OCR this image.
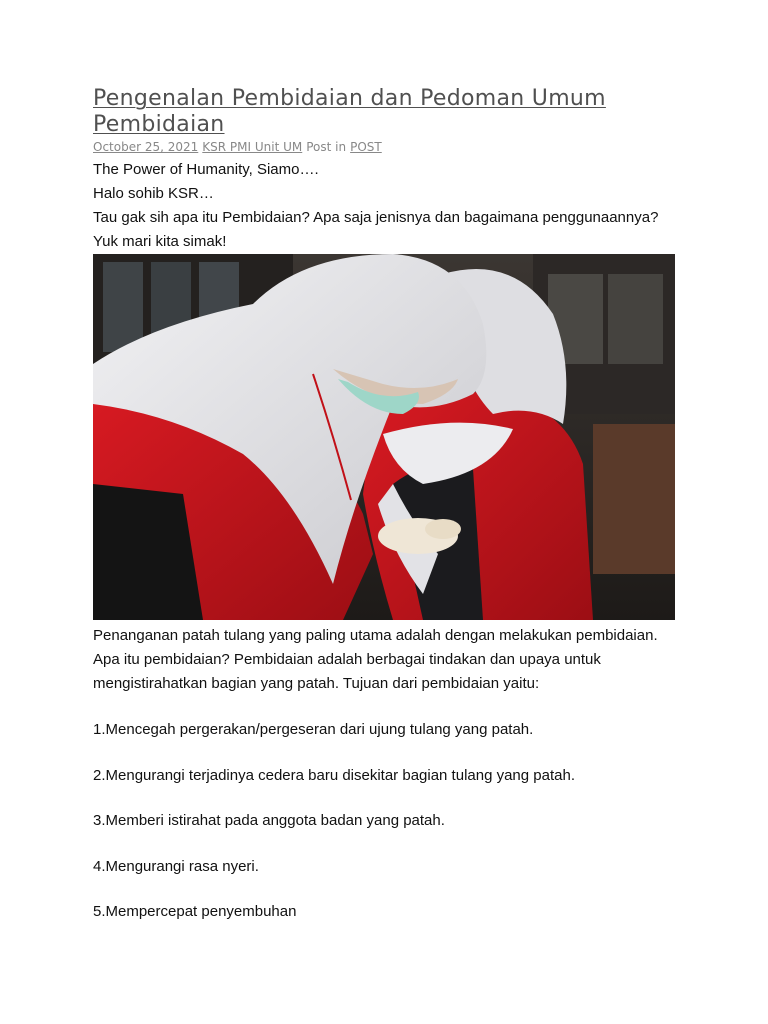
Pengenalan Pembidaian dan Pedoman Umum Pembidaian
October 25, 2021 KSR PMI Unit UM Post in POST

The Power of Humanity, Siamo….

Halo sohib KSR…

Tau gak sih apa itu Pembidaian? Apa saja jenisnya dan bagaimana penggunaannya?

Yuk mari kita simak!

Penanganan patah tulang yang paling utama adalah dengan melakukan pembidaian. Apa itu pembidaian? Pembidaian adalah berbagai tindakan dan upaya untuk mengistirahatkan bagian yang patah. Tujuan dari pembidaian yaitu:

1.Mencegah pergerakan/pergeseran dari ujung tulang yang patah.

2.Mengurangi terjadinya cedera baru disekitar bagian tulang yang patah.

3.Memberi istirahat pada anggota badan yang patah.

4.Mengurangi rasa nyeri.

5.Mempercepat penyembuhan
